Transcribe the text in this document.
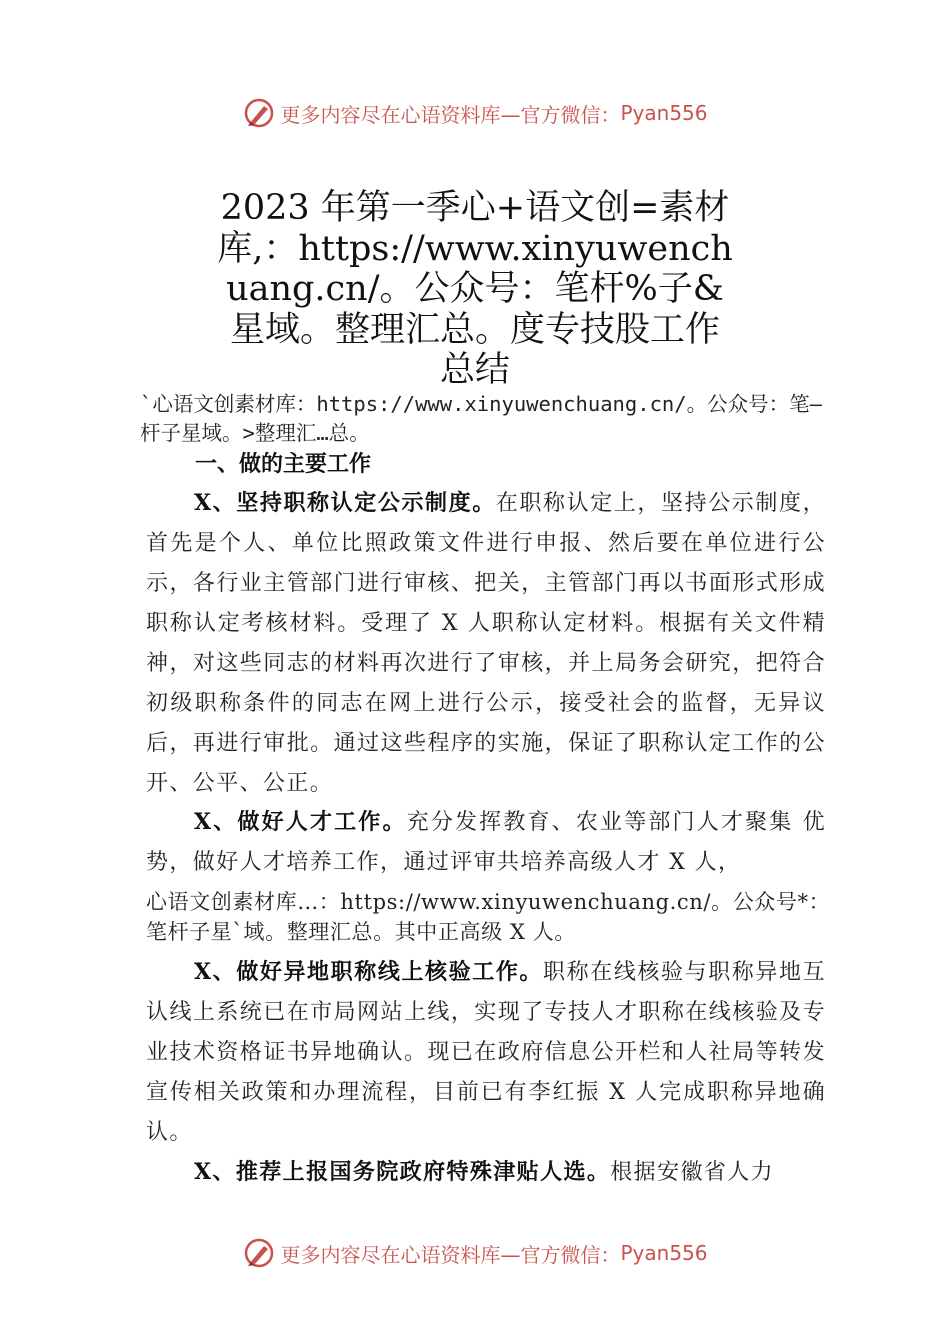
更多内容尽在心语资料库—官方微信： Pyan556
2023 年第一季心+语文创=素材库,：https://www.xinyuwenchuang.cn/。公众号：笔杆%子&星域。整理汇总。度专技股工作总结
`心语文创素材库：https://www.xinyuwenchuang.cn/。公众号：笔—杆子星域。>整理汇…总。
一、做的主要工作
X、坚持职称认定公示制度。在职称认定上，坚持公示制度，首先是个人、单位比照政策文件进行申报、然后要在单位进行公示，各行业主管部门进行审核、把关，主管部门再以书面形式形成职称认定考核材料。受理了 X 人职称认定材料。根据有关文件精神，对这些同志的材料再次进行了审核，并上局务会研究，把符合初级职称条件的同志在网上进行公示，接受社会的监督，无异议后，再进行审批。通过这些程序的实施，保证了职称认定工作的公开、公平、公正。
X、做好人才工作。充分发挥教育、农业等部门人才聚集 优势，做好人才培养工作，通过评审共培养高级人才 X 人，
心语文创素材库…：https://www.xinyuwenchuang.cn/。公众号*：笔杆子星`域。整理汇总。其中正高级 X 人。
X、做好异地职称线上核验工作。职称在线核验与职称异地互认线上系统已在市局网站上线，实现了专技人才职称在线核验及专业技术资格证书异地确认。现已在政府信息公开栏和人社局等转发宣传相关政策和办理流程，目前已有李红振 X 人完成职称异地确认。
X、推荐上报国务院政府特殊津贴人选。根据安徽省人力
更多内容尽在心语资料库—官方微信： Pyan556
